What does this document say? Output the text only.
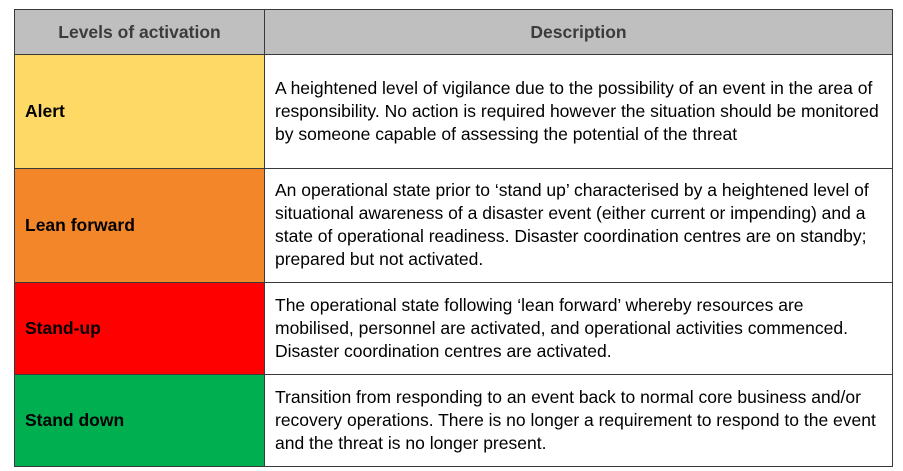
Levels of activation	Description
Alert	A heightened level of vigilance due to the possibility of an event in the area of responsibility. No action is required however the situation should be monitored by someone capable of assessing the potential of the threat
Lean forward	An operational state prior to ‘stand up’ characterised by a heightened level of situational awareness of a disaster event (either current or impending) and a state of operational readiness. Disaster coordination centres are on standby; prepared but not activated.
Stand-up	The operational state following ‘lean forward’ whereby resources are mobilised, personnel are activated, and operational activities commenced. Disaster coordination centres are activated.
Stand down	Transition from responding to an event back to normal core business and/or recovery operations. There is no longer a requirement to respond to the event and the threat is no longer present.
